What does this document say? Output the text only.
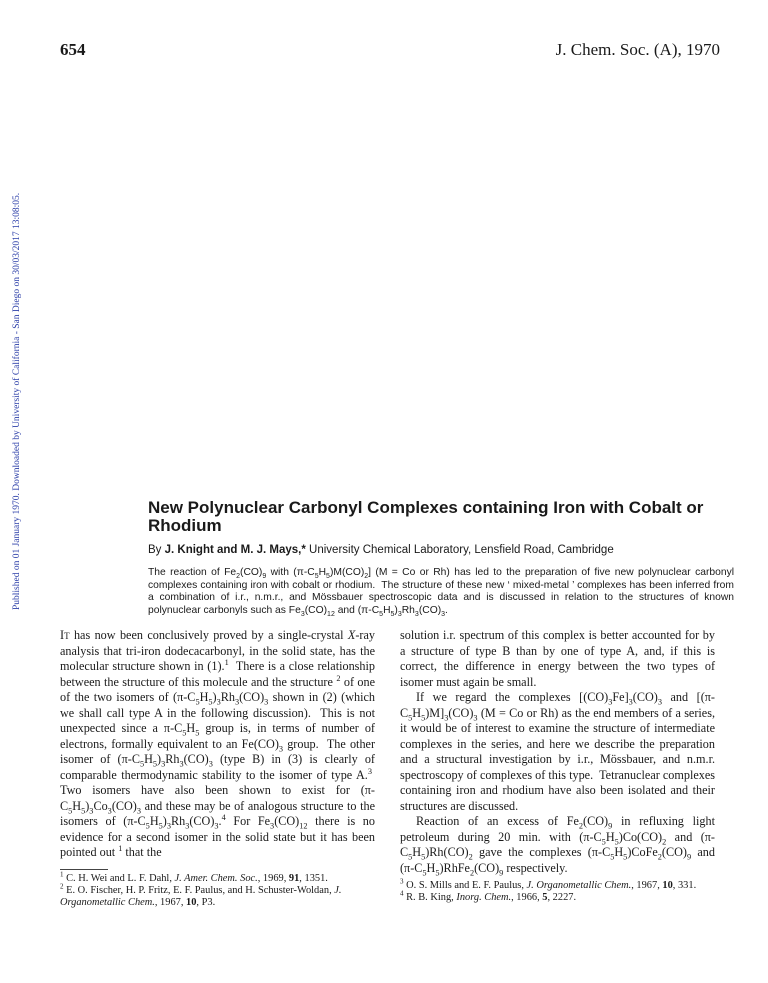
654	J. Chem. Soc. (A), 1970
Published on 01 January 1970. Downloaded by University of California - San Diego on 30/03/2017 13:08:05.	New Polynuclear Carbonyl Complexes containing Iron with Cobalt or Rhodium
By J. Knight and M. J. Mays,* University Chemical Laboratory, Lensfield Road, Cambridge
The reaction of $Fe_2(CO)_9$ with $(\pi-C_5H_5)M(CO)_2$] (M = Co or Rh) has led to the preparation of five new polynuclear carbonyl complexes containing iron with cobalt or rhodium.  The structure of these new ‘ mixed-metal ’ complexes has been inferred from a combination of i.r., n.m.r., and Mössbauer spectroscopic data and is discussed in relation to the structures of known polynuclear carbonyls such as $Fe_3(CO)_{12}$ and $(\pi-C_5H_5)_3Rh_3(CO)_3$.

It has now been conclusively proved by a single-crystal X-ray analysis that tri-iron dodecacarbonyl, in the solid state, has the molecular structure shown in (1).$^1$  There is a close relationship between the structure of this molecule and the structure $^2$ of one of the two isomers of $(\pi-C_5H_5)_3Rh_3(CO)_3$ shown in (2) (which we shall call type A in the following discussion).  This is not unexpected since a $\pi-C_5H_5$ group is, in terms of number of electrons, formally equivalent to an $Fe(CO)_3$ group.  The other isomer of $(\pi-C_5H_5)_3Rh_3(CO)_3$ (type B) in (3) is clearly of comparable thermodynamic stability to the isomer of type A.$^3$  Two isomers have also been shown to exist for $(\pi-C_5H_5)_3Co_3(CO)_3$ and these may be of analogous structure to the isomers of $(\pi-C_5H_5)_3Rh_3(CO)_3.^4$ For $Fe_3(CO)_{12}$ there is no evidence for a second isomer in the solid state but it has been pointed out $^1$ that the

$^1$ C. H. Wei and L. F. Dahl, J. Amer. Chem. Soc., 1969, 91, 1351.

$^2$ E. O. Fischer, H. P. Fritz, E. F. Paulus, and H. Schuster-Woldan, J. Organometallic Chem., 1967, 10, P3.

solution i.r. spectrum of this complex is better accounted for by a structure of type B than by one of type A, and, if this is correct, the difference in energy between the two types of isomer must again be small.

If we regard the complexes $[(CO)_3Fe]_3(CO)_3$ and $[(\pi-C_5H_5)M]_3(CO)_3$ (M = Co or Rh) as the end members of a series, it would be of interest to examine the structure of intermediate complexes in the series, and here we describe the preparation and a structural investigation by i.r., Mössbauer, and n.m.r. spectroscopy of complexes of this type.  Tetranuclear complexes containing iron and rhodium have also been isolated and their structures are discussed.

Reaction of an excess of $Fe_2(CO)_9$ in refluxing light petroleum during 20 min. with $(\pi-C_5H_5)Co(CO)_2$ and $(\pi-C_5H_5)Rh(CO)_2$ gave the complexes $(\pi-C_5H_5)CoFe_2(CO)_9$ and $(\pi-C_5H_5)RhFe_2(CO)_9$ respectively.

$^3$ O. S. Mills and E. F. Paulus, J. Organometallic Chem., 1967, 10, 331.

$^4$ R. B. King, Inorg. Chem., 1966, 5, 2227.
